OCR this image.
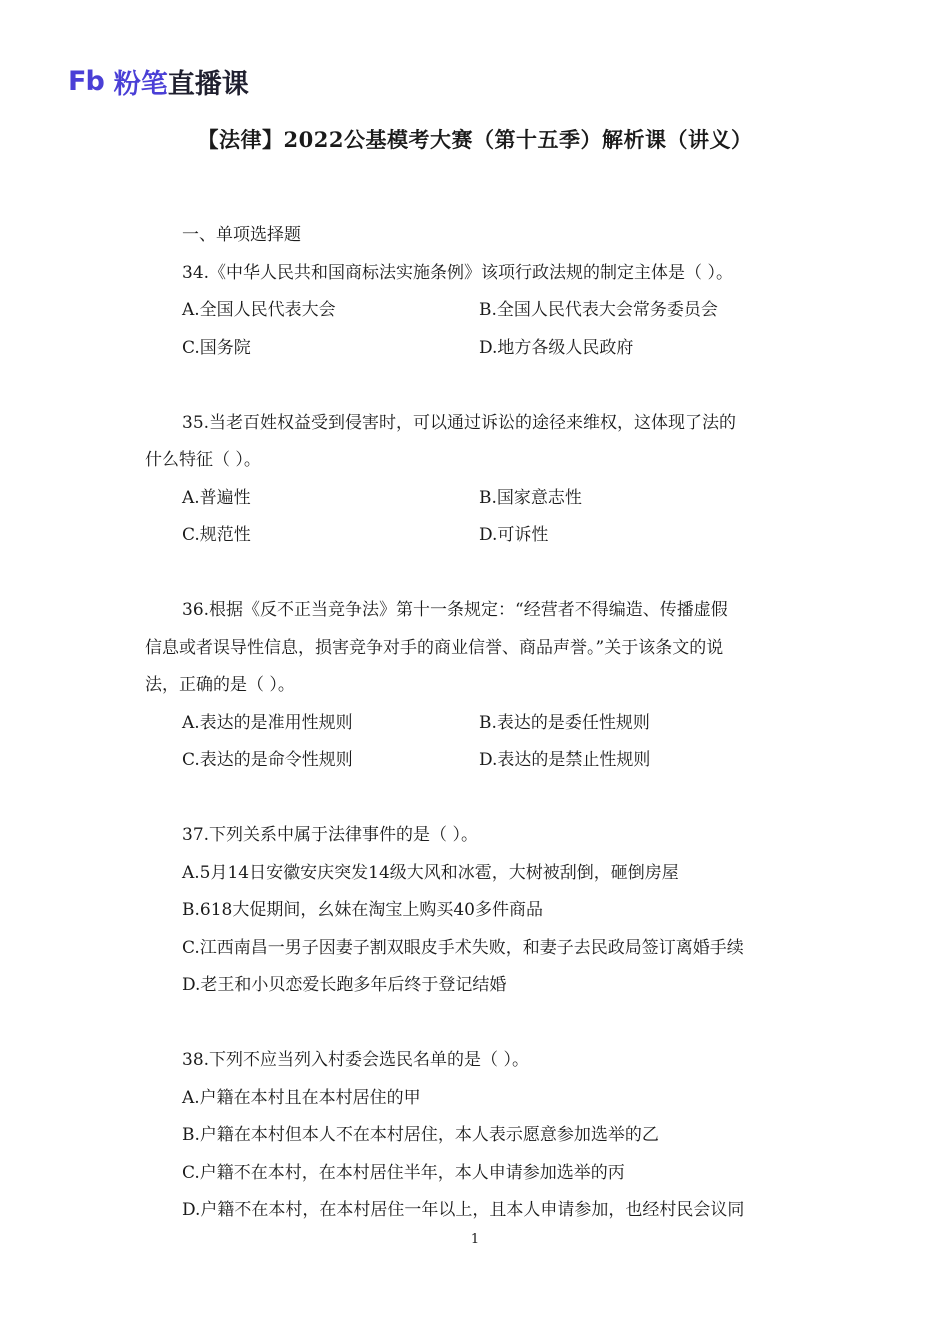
Fb 粉笔直播课
【法律】2022公基模考大赛（第十五季）解析课（讲义）
一、单项选择题
34.《中华人民共和国商标法实施条例》该项行政法规的制定主体是（ ）。
A.全国人民代表大会	B.全国人民代表大会常务委员会
C.国务院	D.地方各级人民政府
35.当老百姓权益受到侵害时，可以通过诉讼的途径来维权，这体现了法的
什么特征（ ）。
A.普遍性	B.国家意志性
C.规范性	D.可诉性
36.根据《反不正当竞争法》第十一条规定：“经营者不得编造、传播虚假
信息或者误导性信息，损害竞争对手的商业信誉、商品声誉。”关于该条文的说
法，正确的是（ ）。
A.表达的是准用性规则	B.表达的是委任性规则
C.表达的是命令性规则	D.表达的是禁止性规则
37.下列关系中属于法律事件的是（ ）。
A.5月14日安徽安庆突发14级大风和冰雹，大树被刮倒，砸倒房屋
B.618大促期间，幺妹在淘宝上购买40多件商品
C.江西南昌一男子因妻子割双眼皮手术失败，和妻子去民政局签订离婚手续
D.老王和小贝恋爱长跑多年后终于登记结婚
38.下列不应当列入村委会选民名单的是（ ）。
A.户籍在本村且在本村居住的甲
B.户籍在本村但本人不在本村居住，本人表示愿意参加选举的乙
C.户籍不在本村，在本村居住半年，本人申请参加选举的丙
D.户籍不在本村，在本村居住一年以上，且本人申请参加，也经村民会议同
1
